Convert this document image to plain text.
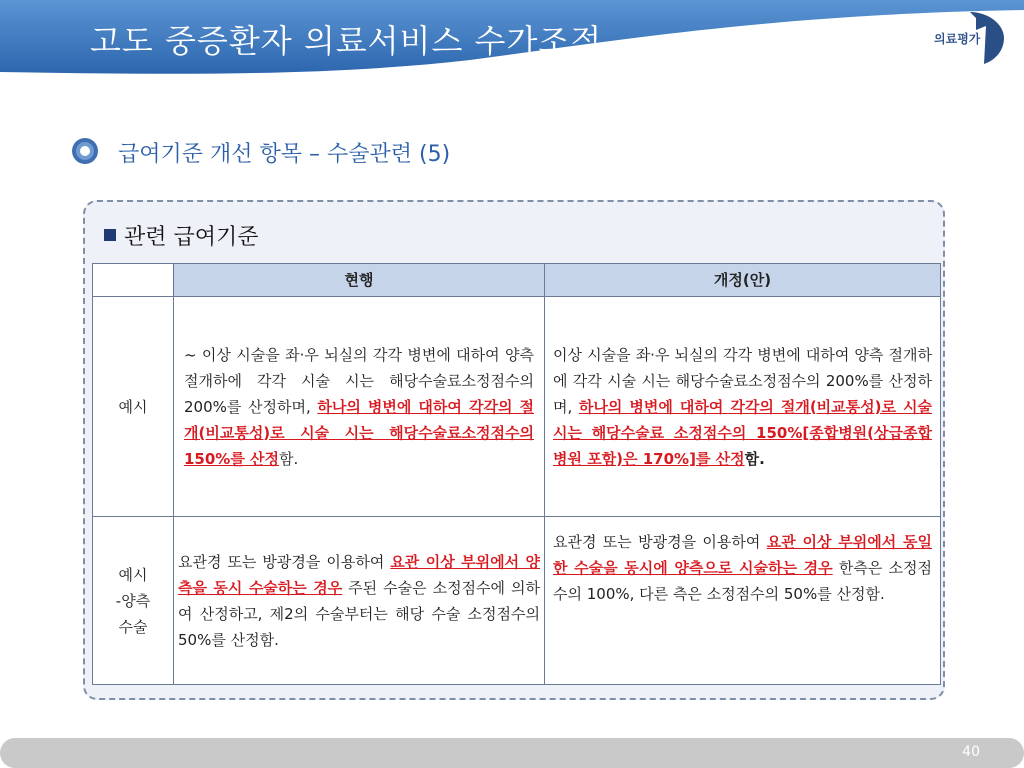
고도 중증환자 의료서비스 수가조정	의료평가
급여기준 개선 항목 – 수술관련 (5)
관련 급여기준
	현행	개정(안)
예시	~ 이상 시술을 좌·우 뇌실의 각각 병변에 대하여 양측 절개하에 각각 시술 시는 해당수술료소정점수의 200%를 산정하며, 하나의 병변에 대하여 각각의 절개(비교통성)로 시술 시는 해당수술료소정점수의 150%를 산정함.	이상 시술을 좌·우 뇌실의 각각 병변에 대하여 양측 절개하에 각각 시술 시는 해당수술료소정점수의 200%를 산정하며, 하나의 병변에 대하여 각각의 절개(비교통성)로 시술 시는 해당수술료 소정점수의 150%[종합병원(상급종합병원 포함)은 170%]를 산정함.

예시
-양측
수술	요관경 또는 방광경을 이용하여 요관 이상 부위에서 양측을 동시 수술하는 경우 주된 수술은 소정점수에 의하여 산정하고, 제2의 수술부터는 해당 수술 소정점수의 50%를 산정함.	요관경 또는 방광경을 이용하여 요관 이상 부위에서 동일한 수술을 동시에 양측으로 시술하는 경우 한측은 소정점수의 100%, 다른 측은 소정점수의 50%를 산정함.
40
